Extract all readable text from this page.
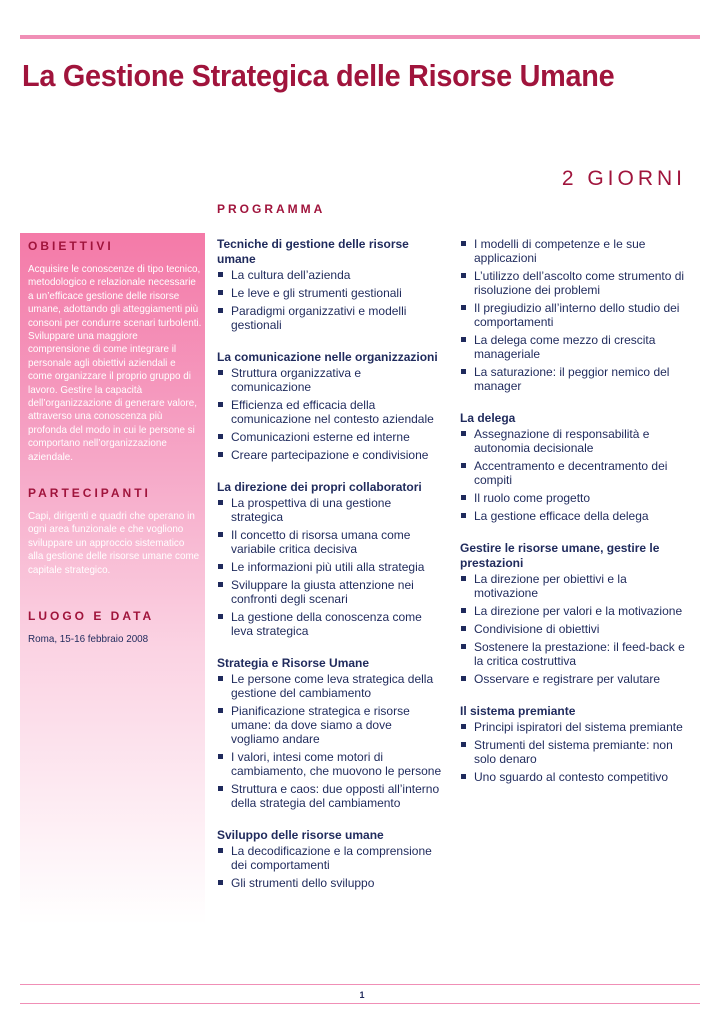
La Gestione Strategica delle Risorse Umane
2 GIORNI
PROGRAMMA
OBIETTIVI

Acquisire le conoscenze di tipo tecnico, metodologico e relazionale necessarie a un’efficace gestione delle risorse umane, adottando gli atteggiamenti più consoni per condurre scenari turbolenti. Sviluppare una maggiore comprensione di come integrare il personale agli obiettivi aziendali e come organizzare il proprio gruppo di lavoro. Gestire la capacità dell’organizzazione di generare valore, attraverso una conoscenza più profonda del modo in cui le persone si comportano nell’organizzazione aziendale.

PARTECIPANTI

Capi, dirigenti e quadri che operano in ogni area funzionale e che vogliono sviluppare un approccio sistematico alla gestione delle risorse umane come capitale strategico.

LUOGO E DATA

Roma, 15-16 febbraio 2008

Tecniche di gestione delle risorse umane
La cultura dell’azienda
Le leve e gli strumenti gestionali
Paradigmi organizzativi e modelli gestionali
La comunicazione nelle organizzazioni
Struttura organizzativa e comunicazione
Efficienza ed efficacia della comunicazione nel contesto aziendale
Comunicazioni esterne ed interne
Creare partecipazione e condivisione
La direzione dei propri collaboratori
La prospettiva di una gestione strategica
Il concetto di risorsa umana come variabile critica decisiva
Le informazioni più utili alla strategia
Sviluppare la giusta attenzione nei confronti degli scenari
La gestione della conoscenza come leva strategica
Strategia e Risorse Umane
Le persone come leva strategica della gestione del cambiamento
Pianificazione strategica e risorse umane: da dove siamo a dove vogliamo andare
I valori, intesi come motori di cambiamento, che muovono le persone
Struttura e caos: due opposti all’interno della strategia del cambiamento
Sviluppo delle risorse umane
La decodificazione e la comprensione dei comportamenti
Gli strumenti dello sviluppo
I modelli di competenze e le sue applicazioni
L’utilizzo dell’ascolto come strumento di risoluzione dei problemi
Il pregiudizio all’interno dello studio dei comportamenti
La delega come mezzo di crescita manageriale
La saturazione: il peggior nemico del manager
La delega
Assegnazione di responsabilità e autonomia decisionale
Accentramento e decentramento dei compiti
Il ruolo come progetto
La gestione efficace della delega
Gestire le risorse umane, gestire le prestazioni
La direzione per obiettivi e la motivazione
La direzione per valori e la motivazione
Condivisione di obiettivi
Sostenere la prestazione: il feed-back e la critica costruttiva
Osservare e registrare per valutare
Il sistema premiante
Principi ispiratori del sistema premiante
Strumenti del sistema premiante: non solo denaro
Uno sguardo al contesto competitivo
1
